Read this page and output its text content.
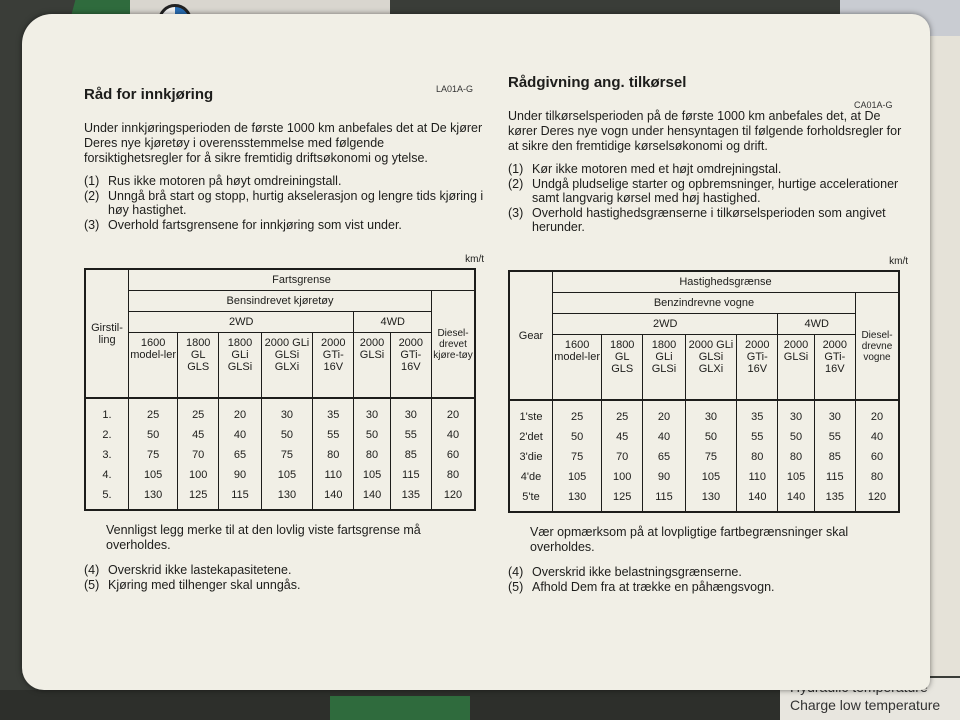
Charge low temperature
LA01A-G
CA01A-G
Råd for innkjøring

Under innkjøringsperioden de første 1000 km anbefales det at De kjører Deres nye kjøretøy i overensstemmelse med følgende forsiktighetsregler for å sikre fremtidig driftsøkonomi og ytelse.

(1) Rus ikke motoren på høyt omdreiningstall.
(2) Unngå brå start og stopp, hurtig akselerasjon og lengre tids kjøring i høy hastighet.
(3) Overhold fartsgrensene for innkjøring som vist under.
km/t
Girstil-ling	Fartsgrense							
	Bensindrevet kjøretøy							Diesel-drevet kjøre-tøy
	2WD					4WD		
	1600 model-ler	1800 GL GLS	1800 GLi GLSi	2000 GLi GLSi GLXi	2000 GTi-16V	2000 GLSi	2000 GTi-16V	
1.	25	25	20	30	35	30	30	20
2.	50	45	40	50	55	50	55	40
3.	75	70	65	75	80	80	85	60
4.	105	100	90	105	110	105	115	80
5.	130	125	115	130	140	140	135	120

Vennligst legg merke til at den lovlig viste fartsgrense må overholdes.

(4) Overskrid ikke lastekapasitetene.
(5) Kjøring med tilhenger skal unngås.
Rådgivning ang. tilkørsel

Under tilkørselsperioden på de første 1000 km anbefales det, at De kører Deres nye vogn under hensyntagen til følgende forholdsregler for at sikre den fremtidige kørselsøkonomi og drift.

(1) Kør ikke motoren med et højt omdrejningstal.
(2) Undgå pludselige starter og opbremsninger, hurtige accelerationer samt langvarig kørsel med høj hastighed.
(3) Overhold hastighedsgrænserne i tilkørselsperioden som angivet herunder.
km/t
Gear	Hastighedsgrænse							
	Benzindrevne vogne							Diesel-drevne vogne
	2WD					4WD		
	1600 model-ler	1800 GL GLS	1800 GLi GLSi	2000 GLi GLSi GLXi	2000 GTi-16V	2000 GLSi	2000 GTi-16V	
1'ste	25	25	20	30	35	30	30	20
2'det	50	45	40	50	55	50	55	40
3'die	75	70	65	75	80	80	85	60
4'de	105	100	90	105	110	105	115	80
5'te	130	125	115	130	140	140	135	120

Vær opmærksom på at lovpligtige fartbegrænsninger skal overholdes.

(4) Overskrid ikke belastningsgrænserne.
(5) Afhold Dem fra at trække en påhængsvogn.
